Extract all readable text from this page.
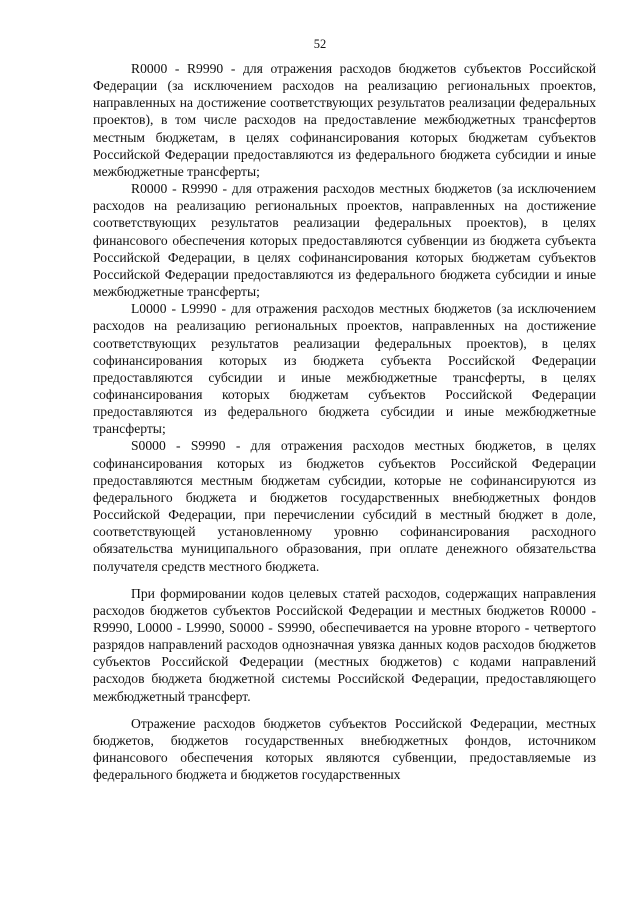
52

R0000 - R9990 - для отражения расходов бюджетов субъектов Российской Федерации (за исключением расходов на реализацию региональных проектов, направленных на достижение соответствующих результатов реализации федеральных проектов), в том числе расходов на предоставление межбюджетных трансфертов местным бюджетам, в целях софинансирования которых бюджетам субъектов Российской Федерации предоставляются из федерального бюджета субсидии и иные межбюджетные трансферты;

R0000 - R9990 - для отражения расходов местных бюджетов (за исключением расходов на реализацию региональных проектов, направленных на достижение соответствующих результатов реализации федеральных проектов), в целях финансового обеспечения которых предоставляются субвенции из бюджета субъекта Российской Федерации, в целях софинансирования которых бюджетам субъектов Российской Федерации предоставляются из федерального бюджета субсидии и иные межбюджетные трансферты;

L0000 - L9990 - для отражения расходов местных бюджетов (за исключением расходов на реализацию региональных проектов, направленных на достижение соответствующих результатов реализации федеральных проектов), в целях софинансирования которых из бюджета субъекта Российской Федерации предоставляются субсидии и иные межбюджетные трансферты, в целях софинансирования которых бюджетам субъектов Российской Федерации предоставляются из федерального бюджета субсидии и иные межбюджетные трансферты;

S0000 - S9990 - для отражения расходов местных бюджетов, в целях софинансирования которых из бюджетов субъектов Российской Федерации предоставляются местным бюджетам субсидии, которые не софинансируются из федерального бюджета и бюджетов государственных внебюджетных фондов Российской Федерации, при перечислении субсидий в местный бюджет в доле, соответствующей установленному уровню софинансирования расходного обязательства муниципального образования, при оплате денежного обязательства получателя средств местного бюджета.

При формировании кодов целевых статей расходов, содержащих направления расходов бюджетов субъектов Российской Федерации и местных бюджетов R0000 - R9990, L0000 - L9990, S0000 - S9990, обеспечивается на уровне второго - четвертого разрядов направлений расходов однозначная увязка данных кодов расходов бюджетов субъектов Российской Федерации (местных бюджетов) с кодами направлений расходов бюджета бюджетной системы Российской Федерации, предоставляющего межбюджетный трансферт.

Отражение расходов бюджетов субъектов Российской Федерации, местных бюджетов, бюджетов государственных внебюджетных фондов, источником финансового обеспечения которых являются субвенции, предоставляемые из федерального бюджета и бюджетов государственных
